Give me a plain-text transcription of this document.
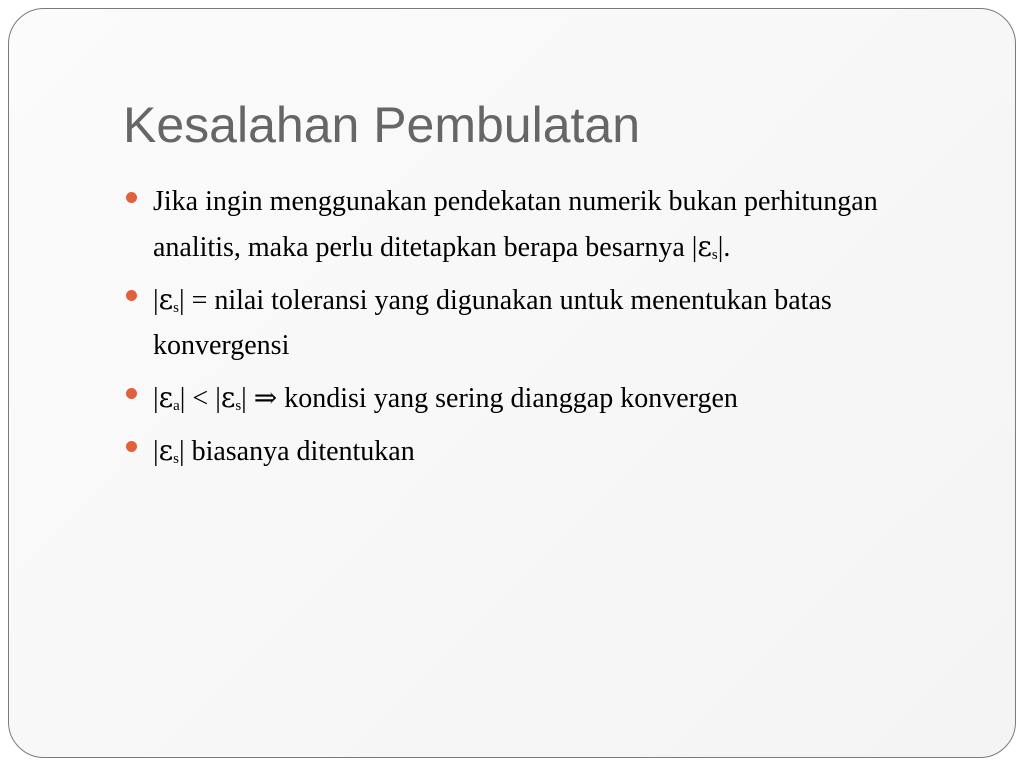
Kesalahan Pembulatan
Jika ingin menggunakan pendekatan numerik bukan perhitungan analitis, maka perlu ditetapkan berapa besarnya $|\varepsilon_s|$.
$|\varepsilon_s|$ = nilai toleransi yang digunakan untuk menentukan batas konvergensi
$|\varepsilon_a| < |\varepsilon_s|$ ⇒ kondisi yang sering dianggap konvergen
$|\varepsilon_s|$ biasanya ditentukan
